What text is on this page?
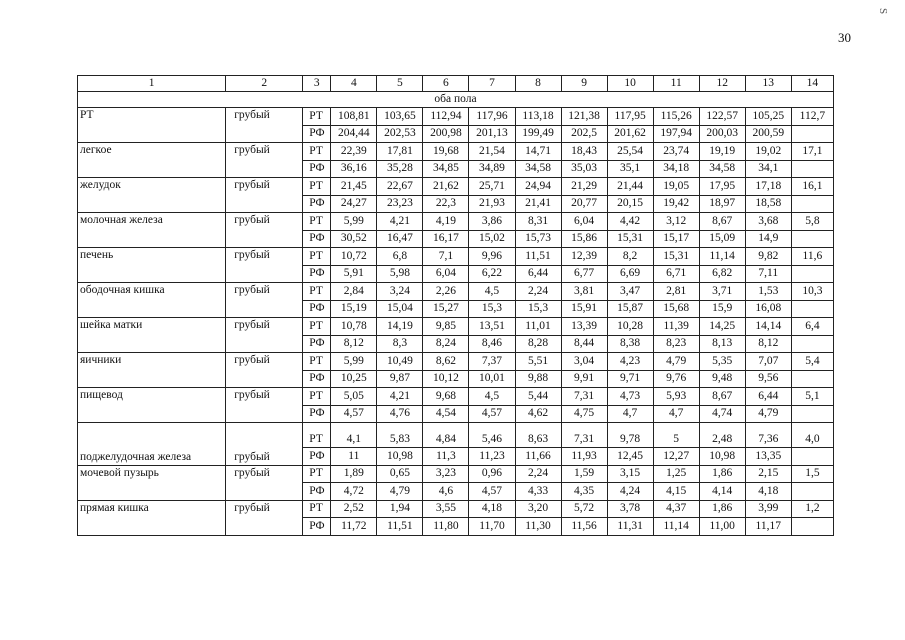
S
30
1	2	3	4	5	6	7	8	9	10	11	12	13	14
оба пола													
РТ	грубый	РТ	108,81	103,65	112,94	117,96	113,18	121,38	117,95	115,26	122,57	105,25	112,7
		РФ	204,44	202,53	200,98	201,13	199,49	202,5	201,62	197,94	200,03	200,59	
легкое	грубый	РТ	22,39	17,81	19,68	21,54	14,71	18,43	25,54	23,74	19,19	19,02	17,1
		РФ	36,16	35,28	34,85	34,89	34,58	35,03	35,1	34,18	34,58	34,1	
желудок	грубый	РТ	21,45	22,67	21,62	25,71	24,94	21,29	21,44	19,05	17,95	17,18	16,1
		РФ	24,27	23,23	22,3	21,93	21,41	20,77	20,15	19,42	18,97	18,58	
молочная железа	грубый	РТ	5,99	4,21	4,19	3,86	8,31	6,04	4,42	3,12	8,67	3,68	5,8
		РФ	30,52	16,47	16,17	15,02	15,73	15,86	15,31	15,17	15,09	14,9	
печень	грубый	РТ	10,72	6,8	7,1	9,96	11,51	12,39	8,2	15,31	11,14	9,82	11,6
		РФ	5,91	5,98	6,04	6,22	6,44	6,77	6,69	6,71	6,82	7,11	
ободочная кишка	грубый	РТ	2,84	3,24	2,26	4,5	2,24	3,81	3,47	2,81	3,71	1,53	10,3
		РФ	15,19	15,04	15,27	15,3	15,3	15,91	15,87	15,68	15,9	16,08	
шейка матки	грубый	РТ	10,78	14,19	9,85	13,51	11,01	13,39	10,28	11,39	14,25	14,14	6,4
		РФ	8,12	8,3	8,24	8,46	8,28	8,44	8,38	8,23	8,13	8,12	
яичники	грубый	РТ	5,99	10,49	8,62	7,37	5,51	3,04	4,23	4,79	5,35	7,07	5,4
		РФ	10,25	9,87	10,12	10,01	9,88	9,91	9,71	9,76	9,48	9,56	
пищевод	грубый	РТ	5,05	4,21	9,68	4,5	5,44	7,31	4,73	5,93	8,67	6,44	5,1
		РФ	4,57	4,76	4,54	4,57	4,62	4,75	4,7	4,7	4,74	4,79	
поджелудочная железа	грубый	РТ	4,1	5,83	4,84	5,46	8,63	7,31	9,78	5	2,48	7,36	4,0
		РФ	11	10,98	11,3	11,23	11,66	11,93	12,45	12,27	10,98	13,35	
мочевой пузырь	грубый	РТ	1,89	0,65	3,23	0,96	2,24	1,59	3,15	1,25	1,86	2,15	1,5
		РФ	4,72	4,79	4,6	4,57	4,33	4,35	4,24	4,15	4,14	4,18	
прямая кишка	грубый	РТ	2,52	1,94	3,55	4,18	3,20	5,72	3,78	4,37	1,86	3,99	1,2
		РФ	11,72	11,51	11,80	11,70	11,30	11,56	11,31	11,14	11,00	11,17	
